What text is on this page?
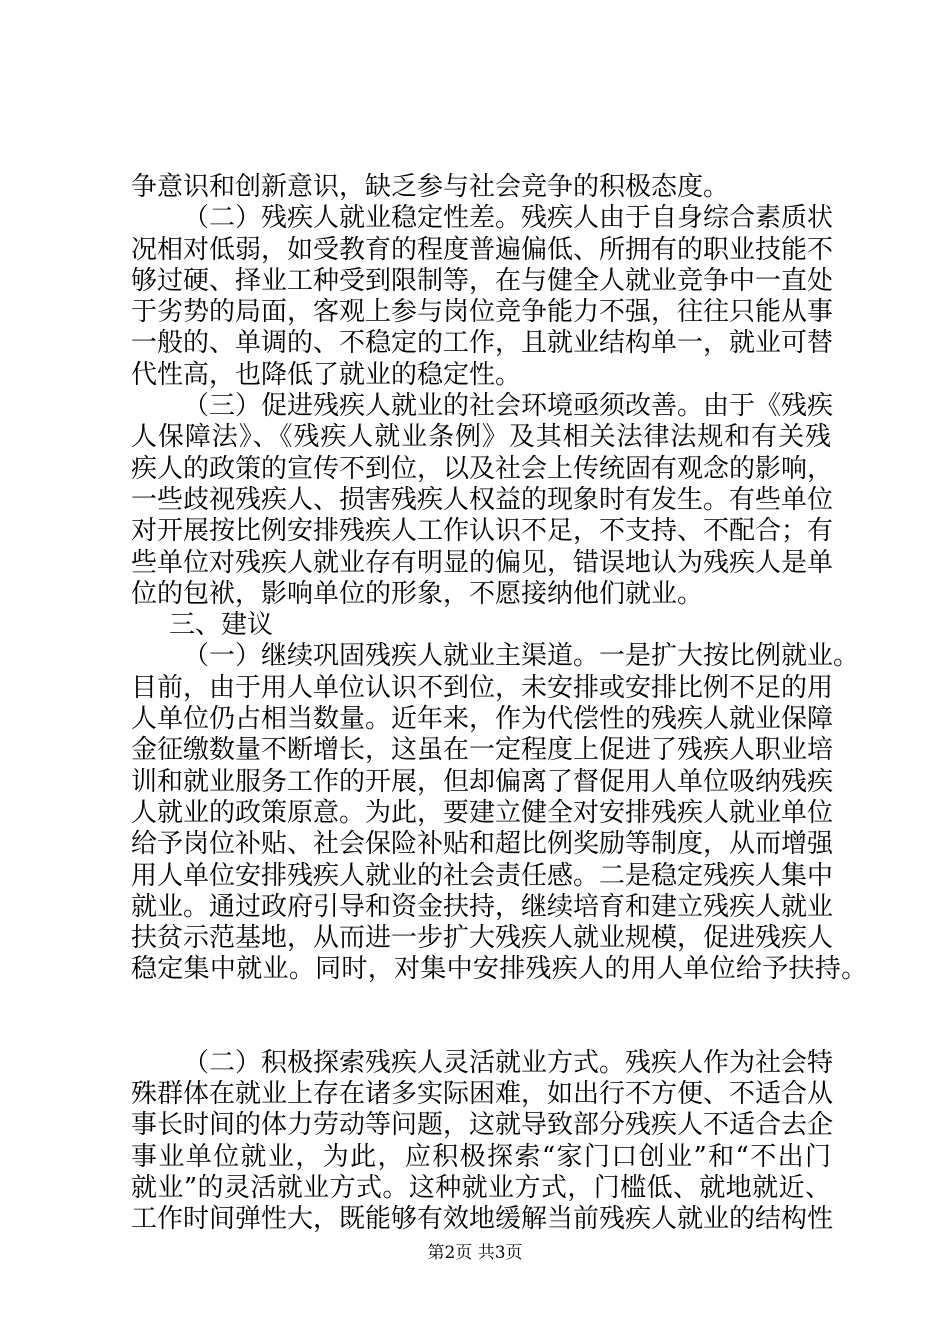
争意识和创新意识，缺乏参与社会竞争的积极态度。
（二）残疾人就业稳定性差。残疾人由于自身综合素质状
况相对低弱，如受教育的程度普遍偏低、所拥有的职业技能不
够过硬、择业工种受到限制等，在与健全人就业竞争中一直处
于劣势的局面，客观上参与岗位竞争能力不强，往往只能从事
一般的、单调的、不稳定的工作，且就业结构单一，就业可替
代性高，也降低了就业的稳定性。
（三）促进残疾人就业的社会环境亟须改善。由于《残疾
人保障法》、《残疾人就业条例》及其相关法律法规和有关残
疾人的政策的宣传不到位，以及社会上传统固有观念的影响，
一些歧视残疾人、损害残疾人权益的现象时有发生。有些单位
对开展按比例安排残疾人工作认识不足，不支持、不配合；有
些单位对残疾人就业存有明显的偏见，错误地认为残疾人是单
位的包袱，影响单位的形象，不愿接纳他们就业。
三、建议
（一）继续巩固残疾人就业主渠道。一是扩大按比例就业。
目前，由于用人单位认识不到位，未安排或安排比例不足的用
人单位仍占相当数量。近年来，作为代偿性的残疾人就业保障
金征缴数量不断增长，这虽在一定程度上促进了残疾人职业培
训和就业服务工作的开展，但却偏离了督促用人单位吸纳残疾
人就业的政策原意。为此，要建立健全对安排残疾人就业单位
给予岗位补贴、社会保险补贴和超比例奖励等制度，从而增强
用人单位安排残疾人就业的社会责任感。二是稳定残疾人集中
就业。通过政府引导和资金扶持，继续培育和建立残疾人就业
扶贫示范基地，从而进一步扩大残疾人就业规模，促进残疾人
稳定集中就业。同时，对集中安排残疾人的用人单位给予扶持。
（二）积极探索残疾人灵活就业方式。残疾人作为社会特
殊群体在就业上存在诸多实际困难，如出行不方便、不适合从
事长时间的体力劳动等问题，这就导致部分残疾人不适合去企
事业单位就业，为此，应积极探索“家门口创业”和“不出门
就业”的灵活就业方式。这种就业方式，门槛低、就地就近、
工作时间弹性大，既能够有效地缓解当前残疾人就业的结构性
第2页 共3页
